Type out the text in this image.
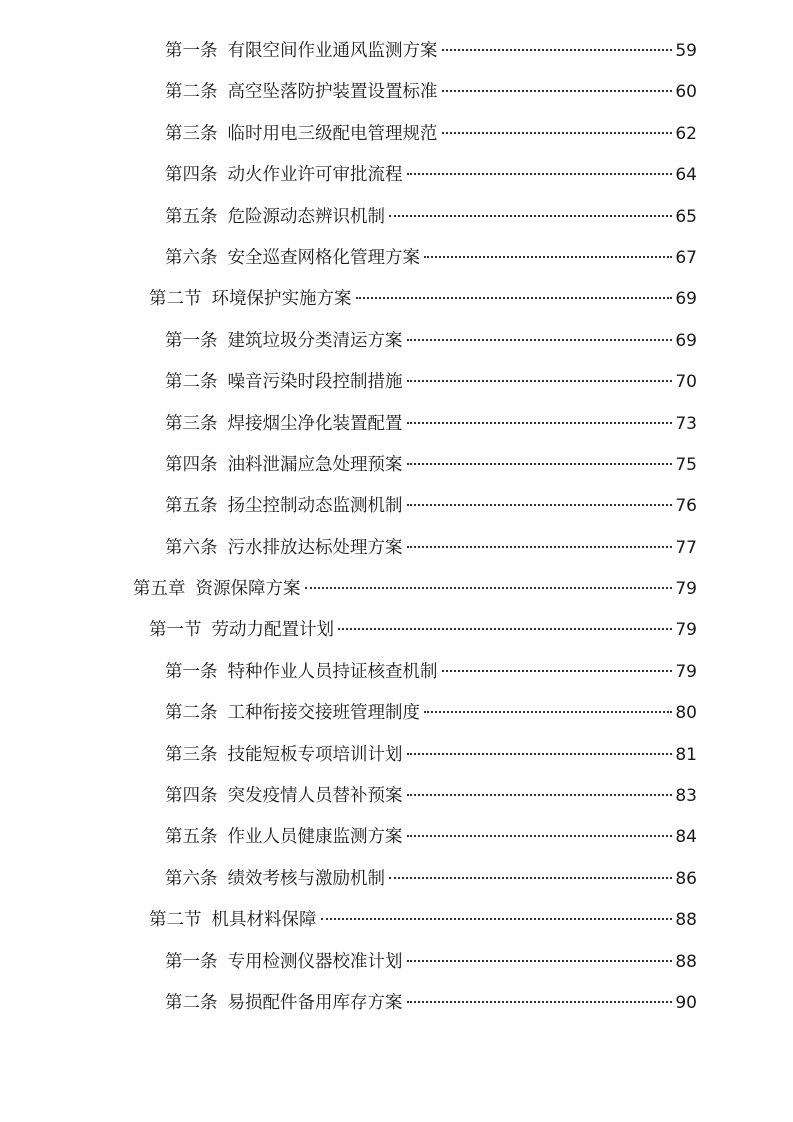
第一条 有限空间作业通风监测方案	59
第二条 高空坠落防护装置设置标准	60
第三条 临时用电三级配电管理规范	62
第四条 动火作业许可审批流程	64
第五条 危险源动态辨识机制	65
第六条 安全巡查网格化管理方案	67
第二节 环境保护实施方案	69
第一条 建筑垃圾分类清运方案	69
第二条 噪音污染时段控制措施	70
第三条 焊接烟尘净化装置配置	73
第四条 油料泄漏应急处理预案	75
第五条 扬尘控制动态监测机制	76
第六条 污水排放达标处理方案	77
第五章 资源保障方案	79
第一节 劳动力配置计划	79
第一条 特种作业人员持证核查机制	79
第二条 工种衔接交接班管理制度	80
第三条 技能短板专项培训计划	81
第四条 突发疫情人员替补预案	83
第五条 作业人员健康监测方案	84
第六条 绩效考核与激励机制	86
第二节 机具材料保障	88
第一条 专用检测仪器校准计划	88
第二条 易损配件备用库存方案	90
